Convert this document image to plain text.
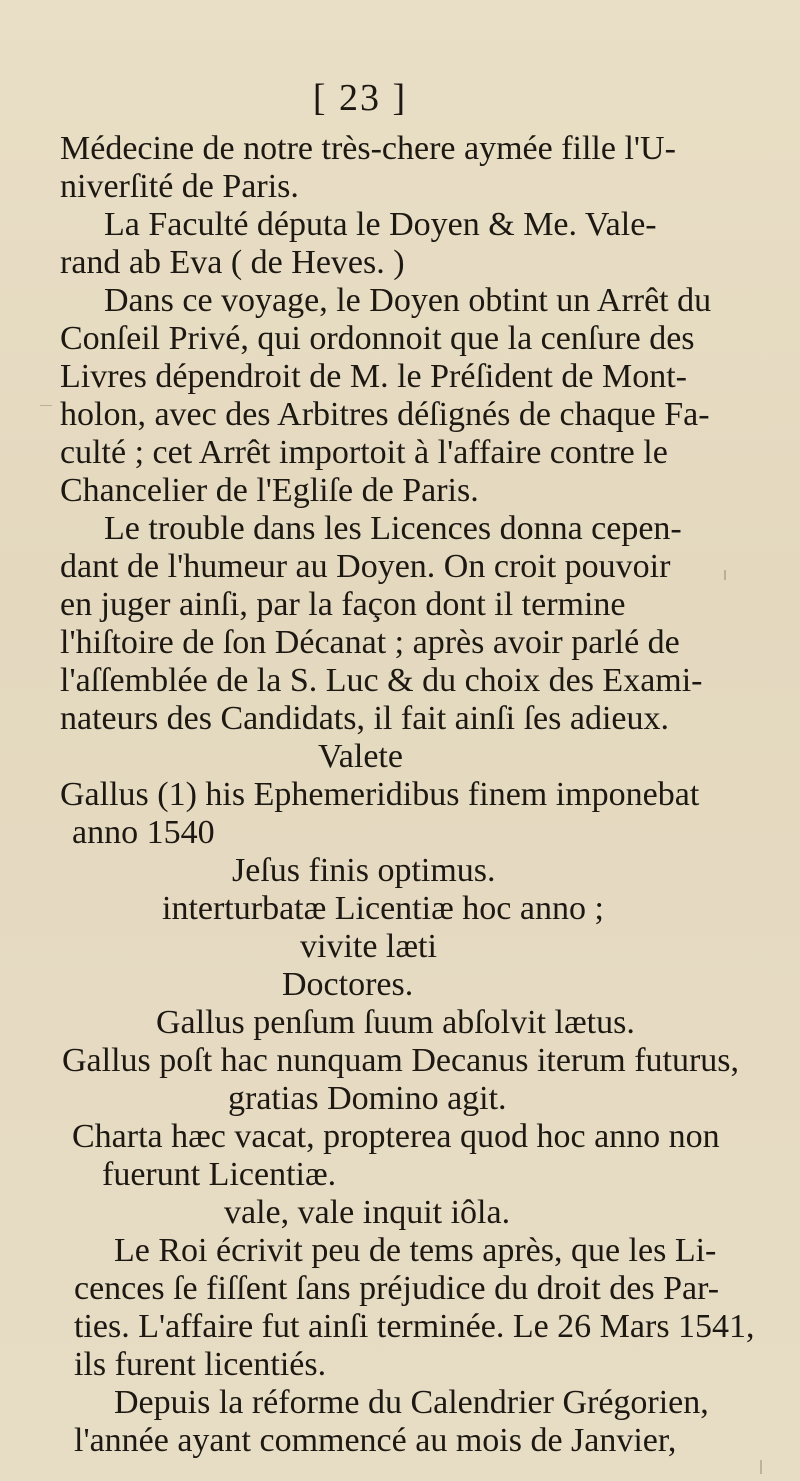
[ 23 ]
Médecine de notre très-chere aymée fille l'U-
niverſité de Paris.
La Faculté députa le Doyen & Me. Vale-
rand ab Eva ( de Heves. )
Dans ce voyage, le Doyen obtint un Arrêt du
Conſeil Privé, qui ordonnoit que la cenſure des
Livres dépendroit de M. le Préſident de Mont-
holon, avec des Arbitres déſignés de chaque Fa-
culté ; cet Arrêt importoit à l'affaire contre le
Chancelier de l'Egliſe de Paris.
Le trouble dans les Licences donna cepen-
dant de l'humeur au Doyen. On croit pouvoir
en juger ainſi, par la façon dont il termine
l'hiſtoire de ſon Décanat ; après avoir parlé de
l'aſſemblée de la S. Luc & du choix des Exami-
nateurs des Candidats, il fait ainſi ſes adieux.
Valete
Gallus (1) his Ephemeridibus finem imponebat
anno 1540
Jeſus finis optimus.
interturbatæ Licentiæ hoc anno ;
vivite læti
Doctores.
Gallus penſum ſuum abſolvit lætus.
Gallus poſt hac nunquam Decanus iterum futurus,
gratias Domino agit.
Charta hæc vacat, propterea quod hoc anno non
fuerunt Licentiæ.
vale, vale inquit iôla.
Le Roi écrivit peu de tems après, que les Li-
cences ſe fiſſent ſans préjudice du droit des Par-
ties. L'affaire fut ainſi terminée. Le 26 Mars 1541,
ils furent licentiés.
Depuis la réforme du Calendrier Grégorien,
l'année ayant commencé au mois de Janvier,
